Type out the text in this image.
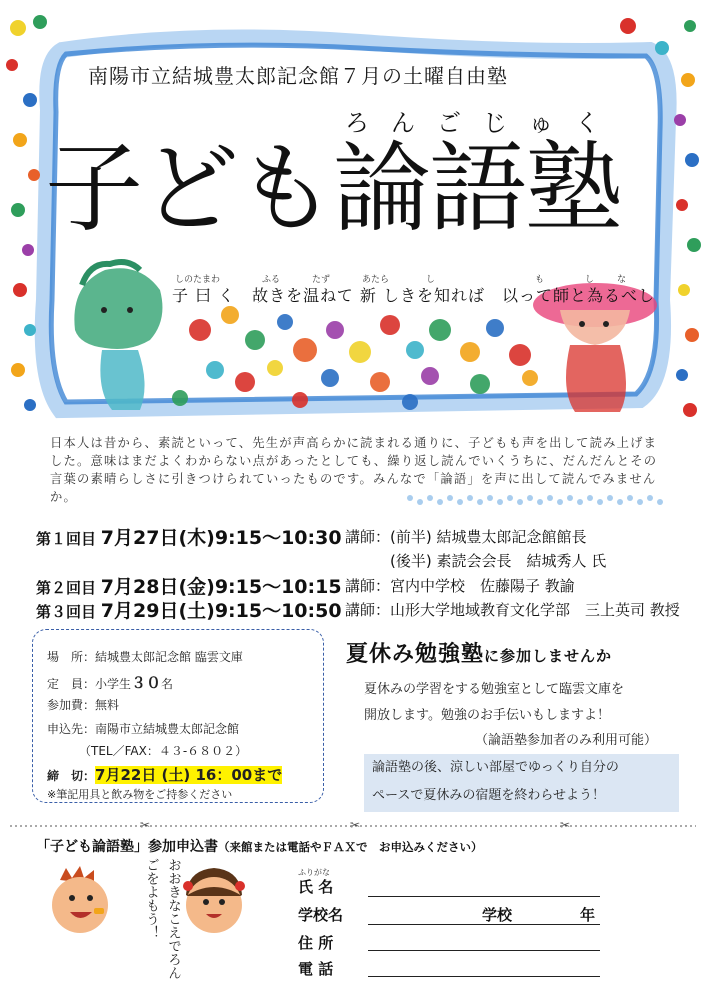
南陽市立結城豊太郎記念館７月の土曜自由塾
ろんごじゅく
子ども論語塾
しのたまわ	ふる	たず	あたら	し	も	し	な
子 曰 く　故きを温ねて 新 しきを知れば　以って師と為るべし
日本人は昔から、素読といって、先生が声高らかに読まれる通りに、子どもも声を出して読み上げました。意味はまだよくわからない点があったとしても、繰り返し読んでいくうちに、だんだんとその言葉の素晴らしさに引きつけられていったものです。みんなで「論語」を声に出して読んでみませんか。
第１回目 7月27日(木)9:15～10:30 講師：(前半) 結城豊太郎記念館館長
(後半) 素読会会長　結城秀人 氏
第２回目 7月28日(金)9:15～10:15 講師：宮内中学校　佐藤陽子 教諭
第３回目 7月29日(土)9:15～10:50 講師：山形大学地域教育文化学部　三上英司 教授
場　所：結城豊太郎記念館 臨雲文庫
定　員：小学生３０名
参加費：無料
申込先：南陽市立結城豊太郎記念館
（TEL／FAX：４３-６８０２）
締　切：7月22日 (土) 16：00まで
※筆記用具と飲み物をご持参ください
夏休み勉強塾に参加しませんか
夏休みの学習をする勉強室として臨雲文庫を
開放します。勉強のお手伝いもしますよ！
（論語塾参加者のみ利用可能）
論語塾の後、涼しい部屋でゆっくり自分の
ペースで夏休みの宿題を終わらせよう！
「子ども論語塾」参加申込書（来館または電話やＦＡＸで　お申込みください）
おおきなこえでろんごをよもう！	ふりがな
氏 名
学校名	学校	年
住 所
電 話
✂	✂	✂
